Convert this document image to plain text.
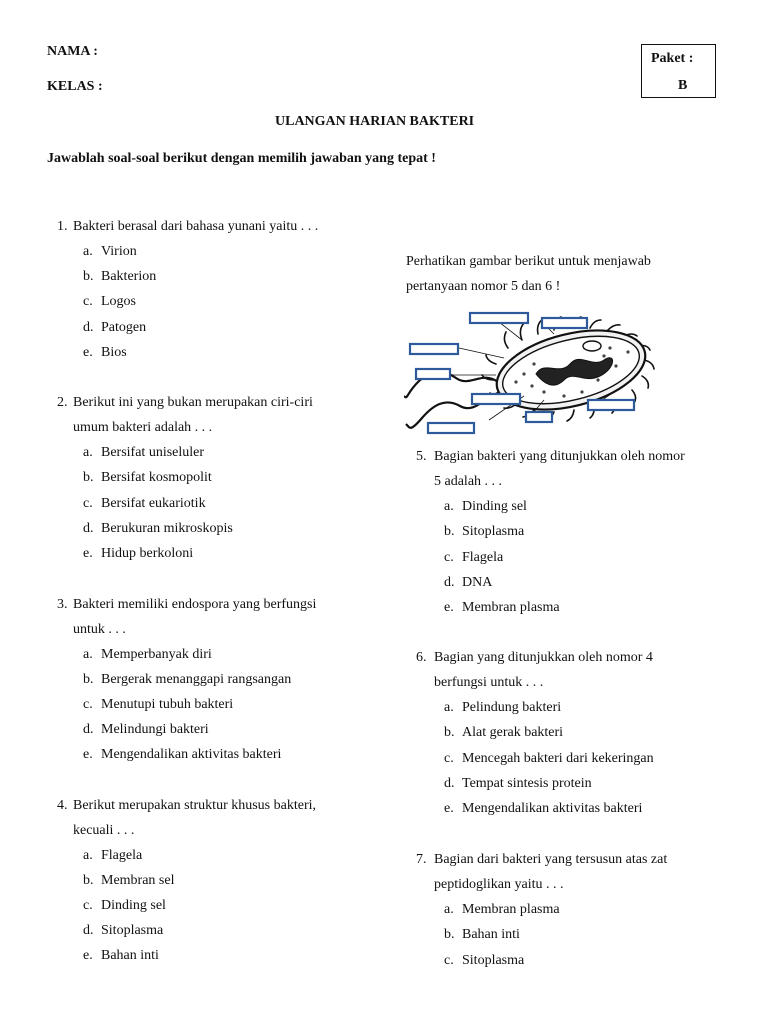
NAMA :
KELAS :
Paket :
B
ULANGAN HARIAN BAKTERI
Jawablah soal-soal berikut dengan memilih jawaban yang tepat !
1. Bakteri berasal dari bahasa yunani yaitu . . .
a. Virion
b. Bakterion
c. Logos
d. Patogen
e. Bios
2. Berikut ini yang bukan merupakan ciri-ciri
umum bakteri adalah . . .
a. Bersifat uniseluler
b. Bersifat kosmopolit
c. Bersifat eukariotik
d. Berukuran mikroskopis
e. Hidup berkoloni
3. Bakteri memiliki endospora yang berfungsi
untuk . . .
a. Memperbanyak diri
b. Bergerak menanggapi rangsangan
c. Menutupi tubuh bakteri
d. Melindungi bakteri
e. Mengendalikan aktivitas bakteri
4. Berikut merupakan struktur khusus bakteri,
kecuali . . .
a. Flagela
b. Membran sel
c. Dinding sel
d. Sitoplasma
e. Bahan inti
Perhatikan gambar berikut untuk menjawab
pertanyaan nomor 5 dan 6 !
5. Bagian bakteri yang ditunjukkan oleh nomor
5 adalah . . .
a. Dinding sel
b. Sitoplasma
c. Flagela
d. DNA
e. Membran plasma
6. Bagian yang ditunjukkan oleh nomor 4
berfungsi untuk . . .
a. Pelindung bakteri
b. Alat gerak bakteri
c. Mencegah bakteri dari kekeringan
d. Tempat sintesis protein
e. Mengendalikan aktivitas bakteri
7. Bagian dari bakteri yang tersusun atas zat
peptidoglikan yaitu . . .
a. Membran plasma
b. Bahan inti
c. Sitoplasma
